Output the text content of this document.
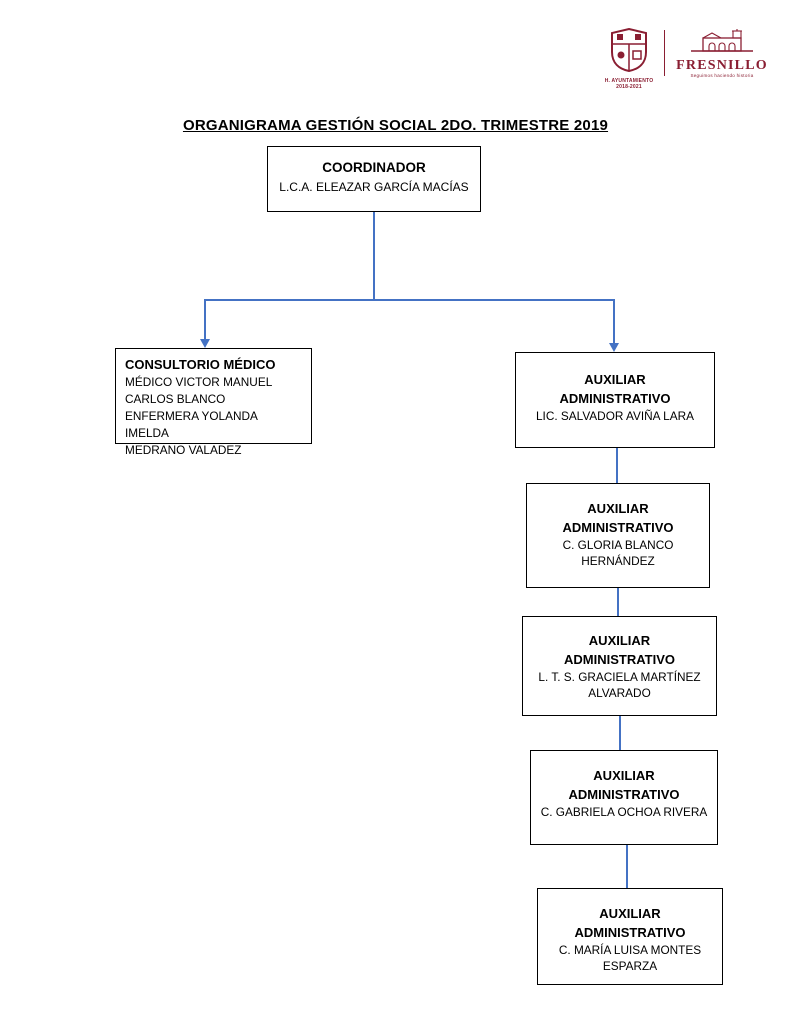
H. AYUNTAMIENTO
2018-2021
FRESNILLO
Seguimos haciendo historia
ORGANIGRAMA GESTIÓN SOCIAL 2DO. TRIMESTRE 2019
COORDINADOR
L.C.A. ELEAZAR GARCÍA MACÍAS
CONSULTORIO MÉDICO
MÉDICO VICTOR MANUEL
CARLOS BLANCO
ENFERMERA YOLANDA IMELDA
MEDRANO VALADEZ
AUXILIAR
ADMINISTRATIVO
LIC. SALVADOR AVIÑA LARA
AUXILIAR
ADMINISTRATIVO
C. GLORIA BLANCO
HERNÁNDEZ
AUXILIAR
ADMINISTRATIVO
L. T. S. GRACIELA MARTÍNEZ
ALVARADO
AUXILIAR
ADMINISTRATIVO
C. GABRIELA OCHOA RIVERA
AUXILIAR
ADMINISTRATIVO
C. MARÍA LUISA MONTES
ESPARZA
